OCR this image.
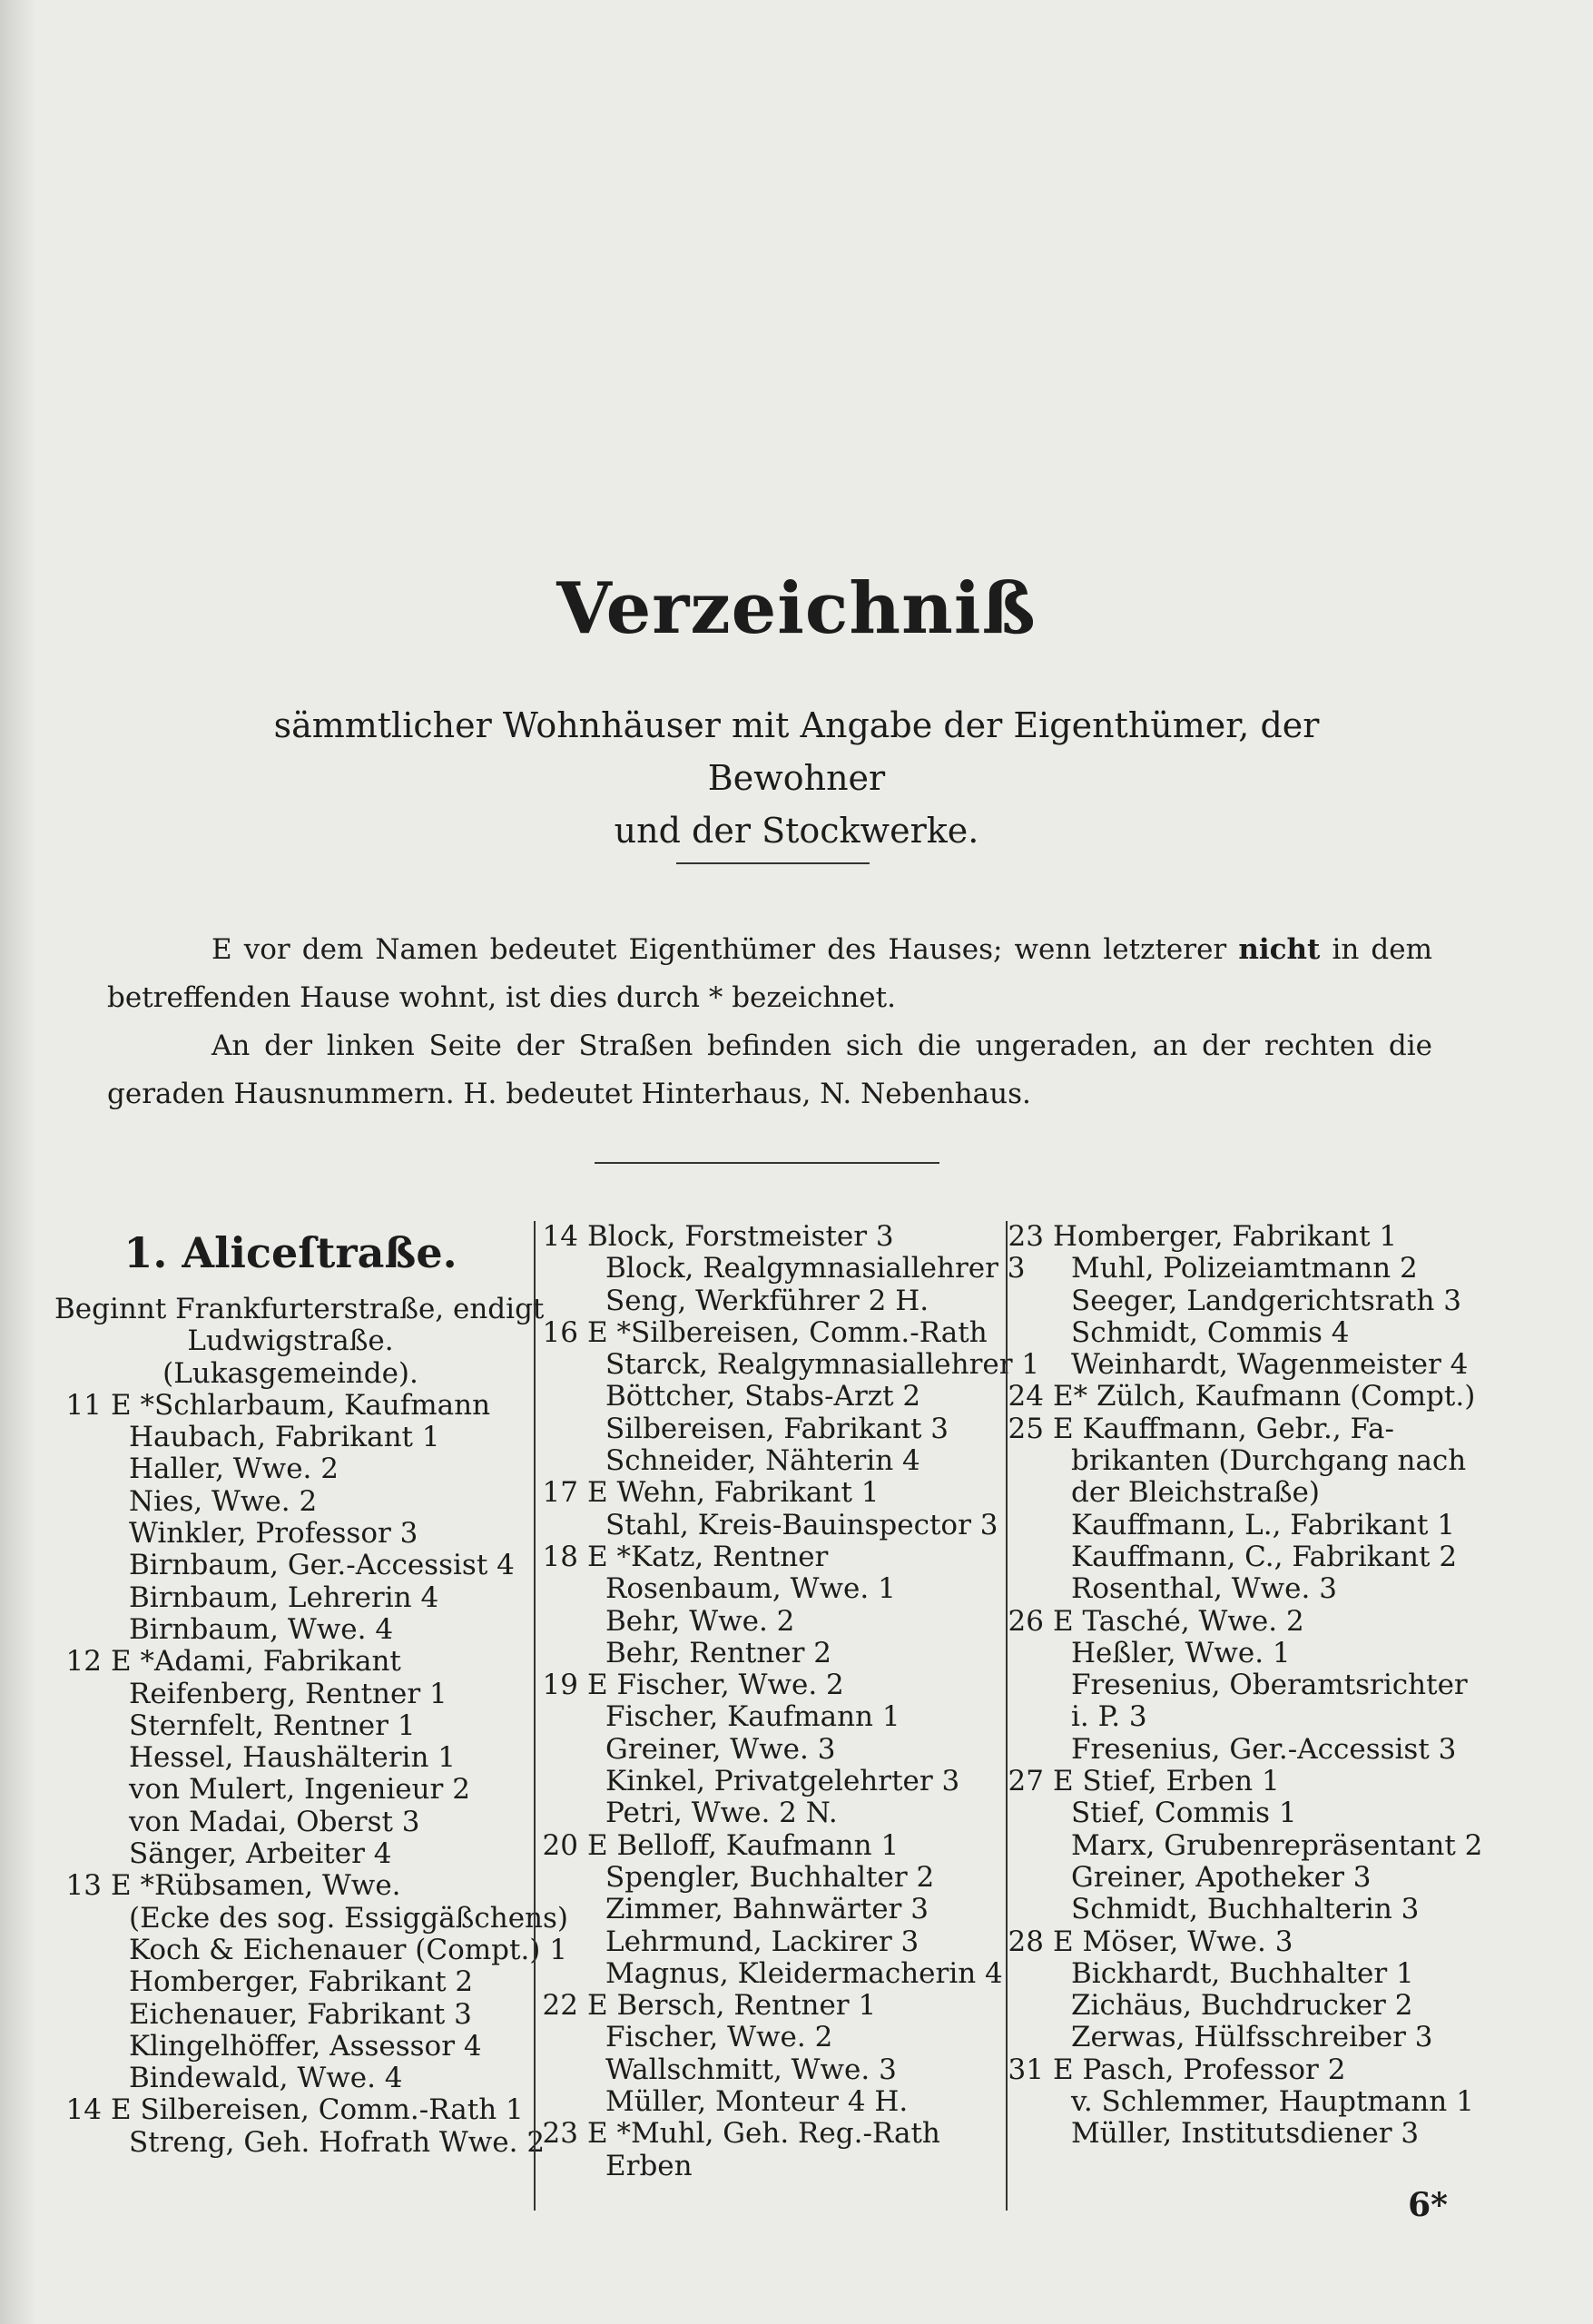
Verzeichniß
sämmtlicher Wohnhäuser mit Angabe der Eigenthümer, der Bewohner
und der Stockwerke.

E vor dem Namen bedeutet Eigenthümer des Hauses; wenn letzterer nicht in dem betreffenden Hause wohnt, ist dies durch * bezeichnet.

An der linken Seite der Straßen befinden sich die ungeraden, an der rechten die geraden Hausnummern. H. bedeutet Hinterhaus, N. Nebenhaus.

1. Aliceſtraße.
Beginnt Frankfurterstraße, endigt
Ludwigstraße.
(Lukasgemeinde).
11 E *Schlarbaum, Kaufmann
Haubach, Fabrikant 1
Haller, Wwe. 2
Nies, Wwe. 2
Winkler, Professor 3
Birnbaum, Ger.-Accessist 4
Birnbaum, Lehrerin 4
Birnbaum, Wwe. 4
12 E *Adami, Fabrikant
Reifenberg, Rentner 1
Sternfelt, Rentner 1
Hessel, Haushälterin 1
von Mulert, Ingenieur 2
von Madai, Oberst 3
Sänger, Arbeiter 4
13 E *Rübsamen, Wwe.
(Ecke des sog. Essiggäßchens)
Koch & Eichenauer (Compt.) 1
Homberger, Fabrikant 2
Eichenauer, Fabrikant 3
Klingelhöffer, Assessor 4
Bindewald, Wwe. 4
14 E Silbereisen, Comm.-Rath 1
Streng, Geh. Hofrath Wwe. 2
14 Block, Forstmeister 3
Block, Realgymnasiallehrer 3
Seng, Werkführer 2 H.
16 E *Silbereisen, Comm.-Rath
Starck, Realgymnasiallehrer 1
Böttcher, Stabs-Arzt 2
Silbereisen, Fabrikant 3
Schneider, Nähterin 4
17 E Wehn, Fabrikant 1
Stahl, Kreis-Bauinspector 3
18 E *Katz, Rentner
Rosenbaum, Wwe. 1
Behr, Wwe. 2
Behr, Rentner 2
19 E Fischer, Wwe. 2
Fischer, Kaufmann 1
Greiner, Wwe. 3
Kinkel, Privatgelehrter 3
Petri, Wwe. 2 N.
20 E Belloff, Kaufmann 1
Spengler, Buchhalter 2
Zimmer, Bahnwärter 3
Lehrmund, Lackirer 3
Magnus, Kleidermacherin 4
22 E Bersch, Rentner 1
Fischer, Wwe. 2
Wallschmitt, Wwe. 3
Müller, Monteur 4 H.
23 E *Muhl, Geh. Reg.-Rath
Erben
23 Homberger, Fabrikant 1
Muhl, Polizeiamtmann 2
Seeger, Landgerichtsrath 3
Schmidt, Commis 4
Weinhardt, Wagenmeister 4
24 E* Zülch, Kaufmann (Compt.)
25 E Kauffmann, Gebr., Fa-
brikanten (Durchgang nach
der Bleichstraße)
Kauffmann, L., Fabrikant 1
Kauffmann, C., Fabrikant 2
Rosenthal, Wwe. 3
26 E Tasché, Wwe. 2
Heßler, Wwe. 1
Fresenius, Oberamtsrichter
i. P. 3
Fresenius, Ger.-Accessist 3
27 E Stief, Erben 1
Stief, Commis 1
Marx, Grubenrepräsentant 2
Greiner, Apotheker 3
Schmidt, Buchhalterin 3
28 E Möser, Wwe. 3
Bickhardt, Buchhalter 1
Zichäus, Buchdrucker 2
Zerwas, Hülfsschreiber 3
31 E Pasch, Professor 2
v. Schlemmer, Hauptmann 1
Müller, Institutsdiener 3
6*
